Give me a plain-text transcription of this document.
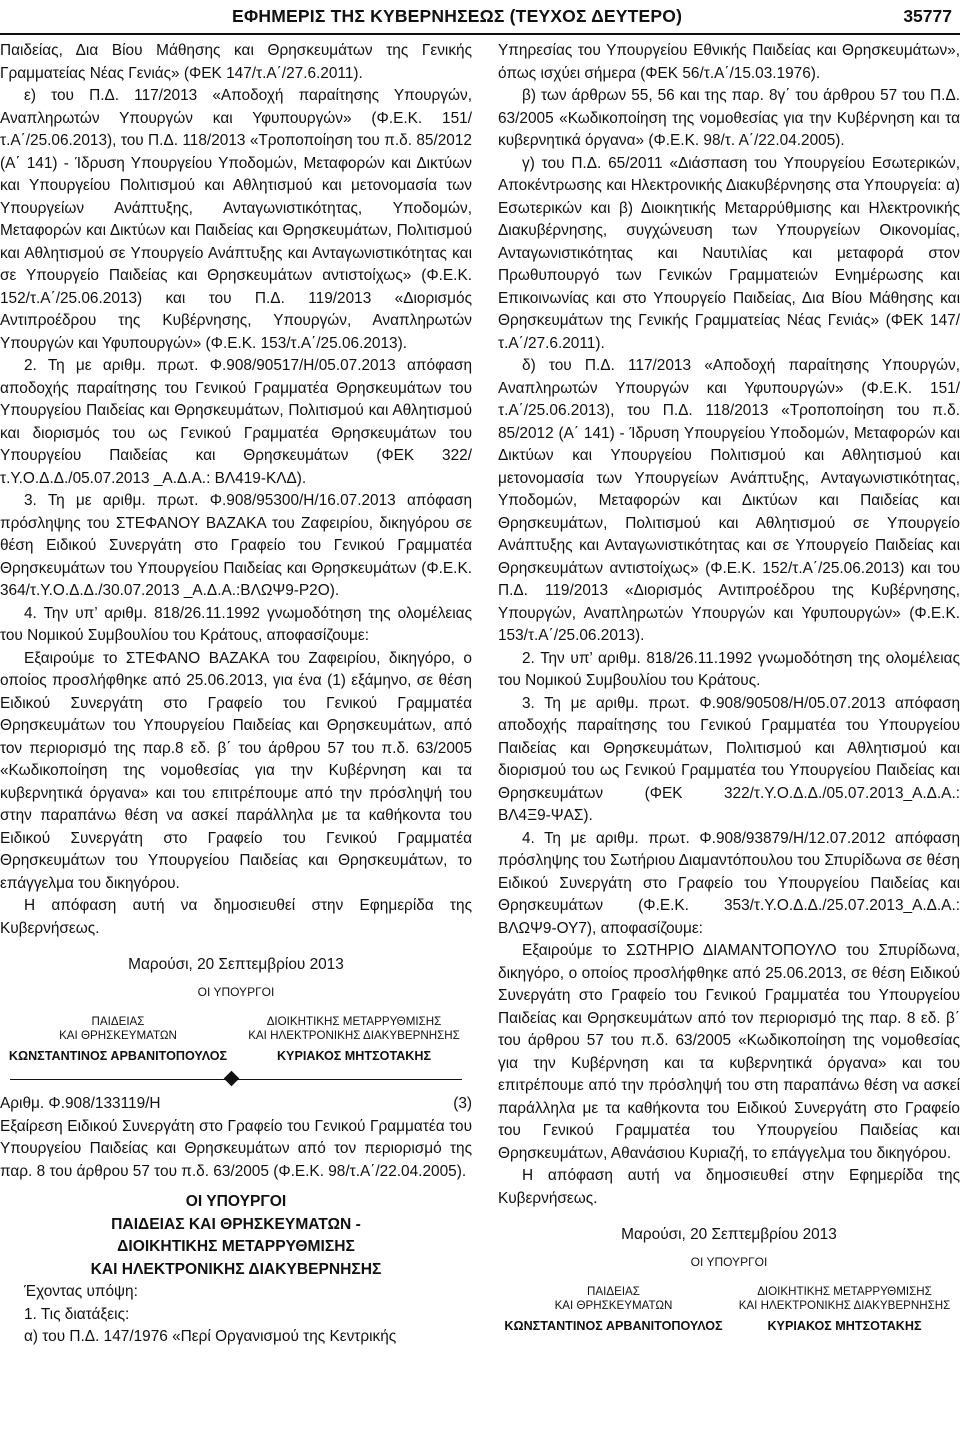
ΕΦΗΜΕΡΙΣ ΤΗΣ ΚΥΒΕΡΝΗΣΕΩΣ (ΤΕΥΧΟΣ ΔΕΥΤΕΡΟ)	35777

Παιδείας, Δια Βίου Μάθησης και Θρησκευμάτων της Γενικής Γραμματείας Νέας Γενιάς» (ΦΕΚ 147/τ.Α΄/27.6.2011).

ε) του Π.Δ. 117/2013 «Αποδοχή παραίτησης Υπουργών, Αναπληρωτών Υπουργών και Υφυπουργών» (Φ.Ε.Κ. 151/τ.Α΄/25.06.2013), του Π.Δ. 118/2013 «Τροποποίηση του π.δ. 85/2012 (Α΄ 141) ‑ Ίδρυση Υπουργείου Υποδομών, Μεταφορών και Δικτύων και Υπουργείου Πολιτισμού και Αθλητισμού και μετονομασία των Υπουργείων Ανάπτυξης, Ανταγωνιστικότητας, Υποδομών, Μεταφορών και Δικτύων και Παιδείας και Θρησκευμάτων, Πολιτισμού και Αθλητισμού σε Υπουργείο Ανάπτυξης και Ανταγωνιστικότητας και σε Υπουργείο Παιδείας και Θρησκευμάτων αντιστοίχως» (Φ.Ε.Κ. 152/τ.Α΄/25.06.2013) και του Π.Δ. 119/2013 «Διορισμός Αντιπροέδρου της Κυβέρνησης, Υπουργών, Αναπληρωτών Υπουργών και Υφυπουργών» (Φ.Ε.Κ. 153/τ.Α΄/25.06.2013).

2. Τη με αριθμ. πρωτ. Φ.908/90517/Η/05.07.2013 απόφαση αποδοχής παραίτησης του Γενικού Γραμματέα Θρησκευμάτων του Υπουργείου Παιδείας και Θρησκευμάτων, Πολιτισμού και Αθλητισμού και διορισμός του ως Γενικού Γραμματέα Θρησκευμάτων του Υπουργείου Παιδείας και Θρησκευμάτων (ΦΕΚ 322/τ.Υ.Ο.Δ.Δ./05.07.2013 _Α.Δ.Α.: ΒΛ419‑ΚΛΔ).

3. Τη με αριθμ. πρωτ. Φ.908/95300/Η/16.07.2013 απόφαση πρόσληψης του ΣΤΕΦΑΝΟΥ ΒΑΖΑΚΑ του Ζαφειρίου, δικηγόρου σε θέση Ειδικού Συνεργάτη στο Γραφείο του Γενικού Γραμματέα Θρησκευμάτων του Υπουργείου Παιδείας και Θρησκευμάτων (Φ.Ε.Κ. 364/τ.Υ.Ο.Δ.Δ./30.07.2013 _Α.Δ.Α.:ΒΛΩΨ9‑Ρ2Ο).

4. Την υπ’ αριθμ. 818/26.11.1992 γνωμοδότηση της ολομέλειας του Νομικού Συμβουλίου του Κράτους, αποφασίζουμε:

Εξαιρούμε το ΣΤΕΦΑΝΟ ΒΑΖΑΚΑ του Ζαφειρίου, δικηγόρο, ο οποίος προσλήφθηκε από 25.06.2013, για ένα (1) εξάμηνο, σε θέση Ειδικού Συνεργάτη στο Γραφείο του Γενικού Γραμματέα Θρησκευμάτων του Υπουργείου Παιδείας και Θρησκευμάτων, από τον περιορισμό της παρ.8 εδ. β΄ του άρθρου 57 του π.δ. 63/2005 «Κωδικοποίηση της νομοθεσίας για την Κυβέρνηση και τα κυβερνητικά όργανα» και του επιτρέπουμε από την πρόσληψή του στην παραπάνω θέση να ασκεί παράλληλα με τα καθήκοντα του Ειδικού Συνεργάτη στο Γραφείο του Γενικού Γραμματέα Θρησκευμάτων του Υπουργείου Παιδείας και Θρησκευμάτων, το επάγγελμα του δικηγόρου.

Η απόφαση αυτή να δημοσιευθεί στην Εφημερίδα της Κυβερνήσεως.

Μαρούσι, 20 Σεπτεμβρίου 2013
ΟΙ ΥΠΟΥΡΓΟΙ
ΠΑΙΔΕΙΑΣ
ΚΑΙ ΘΡΗΣΚΕΥΜΑΤΩΝ
ΔΙΟΙΚΗΤΙΚΗΣ ΜΕΤΑΡΡΥΘΜΙΣΗΣ
ΚΑΙ ΗΛΕΚΤΡΟΝΙΚΗΣ ΔΙΑΚΥΒΕΡΝΗΣΗΣ
ΚΩΝΣΤΑΝΤΙΝΟΣ ΑΡΒΑΝΙΤΟΠΟΥΛΟΣ	ΚΥΡΙΑΚΟΣ ΜΗΤΣΟΤΑΚΗΣ
Αριθμ. Φ.908/133119/Η	(3)

Εξαίρεση Ειδικού Συνεργάτη στο Γραφείο του Γενικού Γραμματέα του Υπουργείου Παιδείας και Θρησκευμάτων από τον περιορισμό της παρ. 8 του άρθρου 57 του π.δ. 63/2005 (Φ.Ε.Κ. 98/τ.Α΄/22.04.2005).

ΟΙ ΥΠΟΥΡΓΟΙ
ΠΑΙΔΕΙΑΣ ΚΑΙ ΘΡΗΣΚΕΥΜΑΤΩΝ ‑
ΔΙΟΙΚΗΤΙΚΗΣ ΜΕΤΑΡΡΥΘΜΙΣΗΣ
ΚΑΙ ΗΛΕΚΤΡΟΝΙΚΗΣ ΔΙΑΚΥΒΕΡΝΗΣΗΣ

Έχοντας υπόψη:

1. Τις διατάξεις:

α) του Π.Δ. 147/1976 «Περί Οργανισμού της Κεντρικής

Υπηρεσίας του Υπουργείου Εθνικής Παιδείας και Θρησκευμάτων», όπως ισχύει σήμερα (ΦΕΚ 56/τ.Α΄/15.03.1976).

β) των άρθρων 55, 56 και της παρ. 8γ΄ του άρθρου 57 του Π.Δ. 63/2005 «Κωδικοποίηση της νομοθεσίας για την Κυβέρνηση και τα κυβερνητικά όργανα» (Φ.Ε.Κ. 98/τ. Α΄/22.04.2005).

γ) του Π.Δ. 65/2011 «Διάσπαση του Υπουργείου Εσωτερικών, Αποκέντρωσης και Ηλεκτρονικής Διακυβέρνησης στα Υπουργεία: α) Εσωτερικών και β) Διοικητικής Μεταρρύθμισης και Ηλεκτρονικής Διακυβέρνησης, συγχώνευση των Υπουργείων Οικονομίας, Ανταγωνιστικότητας και Ναυτιλίας και μεταφορά στον Πρωθυπουργό των Γενικών Γραμματειών Ενημέρωσης και Επικοινωνίας και στο Υπουργείο Παιδείας, Δια Βίου Μάθησης και Θρησκευμάτων της Γενικής Γραμματείας Νέας Γενιάς» (ΦΕΚ 147/τ.Α΄/27.6.2011).

δ) του Π.Δ. 117/2013 «Αποδοχή παραίτησης Υπουργών, Αναπληρωτών Υπουργών και Υφυπουργών» (Φ.Ε.Κ. 151/τ.Α΄/25.06.2013), του Π.Δ. 118/2013 «Τροποποίηση του π.δ. 85/2012 (Α΄ 141) ‑ Ίδρυση Υπουργείου Υποδομών, Μεταφορών και Δικτύων και Υπουργείου Πολιτισμού και Αθλητισμού και μετονομασία των Υπουργείων Ανάπτυξης, Ανταγωνιστικότητας, Υποδομών, Μεταφορών και Δικτύων και Παιδείας και Θρησκευμάτων, Πολιτισμού και Αθλητισμού σε Υπουργείο Ανάπτυξης και Ανταγωνιστικότητας και σε Υπουργείο Παιδείας και Θρησκευμάτων αντιστοίχως» (Φ.Ε.Κ. 152/τ.Α΄/25.06.2013) και του Π.Δ. 119/2013 «Διορισμός Αντιπροέδρου της Κυβέρνησης, Υπουργών, Αναπληρωτών Υπουργών και Υφυπουργών» (Φ.Ε.Κ. 153/τ.Α΄/25.06.2013).

2. Την υπ’ αριθμ. 818/26.11.1992 γνωμοδότηση της ολομέλειας του Νομικού Συμβουλίου του Κράτους.

3. Τη με αριθμ. πρωτ. Φ.908/90508/Η/05.07.2013 απόφαση αποδοχής παραίτησης του Γενικού Γραμματέα του Υπουργείου Παιδείας και Θρησκευμάτων, Πολιτισμού και Αθλητισμού και διορισμού του ως Γενικού Γραμματέα του Υπουργείου Παιδείας και Θρησκευμάτων (ΦΕΚ 322/τ.Υ.Ο.Δ.Δ./05.07.2013_Α.Δ.Α.: ΒΛ4Ξ9‑ΨΑΣ).

4. Τη με αριθμ. πρωτ. Φ.908/93879/Η/12.07.2012 απόφαση πρόσληψης του Σωτήριου Διαμαντόπουλου του Σπυρίδωνα σε θέση Ειδικού Συνεργάτη στο Γραφείο του Υπουργείου Παιδείας και Θρησκευμάτων (Φ.Ε.Κ. 353/τ.Υ.Ο.Δ.Δ./25.07.2013_Α.Δ.Α.: ΒΛΩΨ9‑ΟΥ7), αποφασίζουμε:

Εξαιρούμε το ΣΩΤΗΡΙΟ ΔΙΑΜΑΝΤΟΠΟΥΛΟ του Σπυρίδωνα, δικηγόρο, ο οποίος προσλήφθηκε από 25.06.2013, σε θέση Ειδικού Συνεργάτη στο Γραφείο του Γενικού Γραμματέα του Υπουργείου Παιδείας και Θρησκευμάτων από τον περιορισμό της παρ. 8 εδ. β΄ του άρθρου 57 του π.δ. 63/2005 «Κωδικοποίηση της νομοθεσίας για την Κυβέρνηση και τα κυβερνητικά όργανα» και του επιτρέπουμε από την πρόσληψή του στη παραπάνω θέση να ασκεί παράλληλα με τα καθήκοντα του Ειδικού Συνεργάτη στο Γραφείο του Γενικού Γραμματέα του Υπουργείου Παιδείας και Θρησκευμάτων, Αθανάσιου Κυριαζή, το επάγγελμα του δικηγόρου.

Η απόφαση αυτή να δημοσιευθεί στην Εφημερίδα της Κυβερνήσεως.

Μαρούσι, 20 Σεπτεμβρίου 2013
ΟΙ ΥΠΟΥΡΓΟΙ
ΠΑΙΔΕΙΑΣ
ΚΑΙ ΘΡΗΣΚΕΥΜΑΤΩΝ
ΔΙΟΙΚΗΤΙΚΗΣ ΜΕΤΑΡΡΥΘΜΙΣΗΣ
ΚΑΙ ΗΛΕΚΤΡΟΝΙΚΗΣ ΔΙΑΚΥΒΕΡΝΗΣΗΣ
ΚΩΝΣΤΑΝΤΙΝΟΣ ΑΡΒΑΝΙΤΟΠΟΥΛΟΣ	ΚΥΡΙΑΚΟΣ ΜΗΤΣΟΤΑΚΗΣ
